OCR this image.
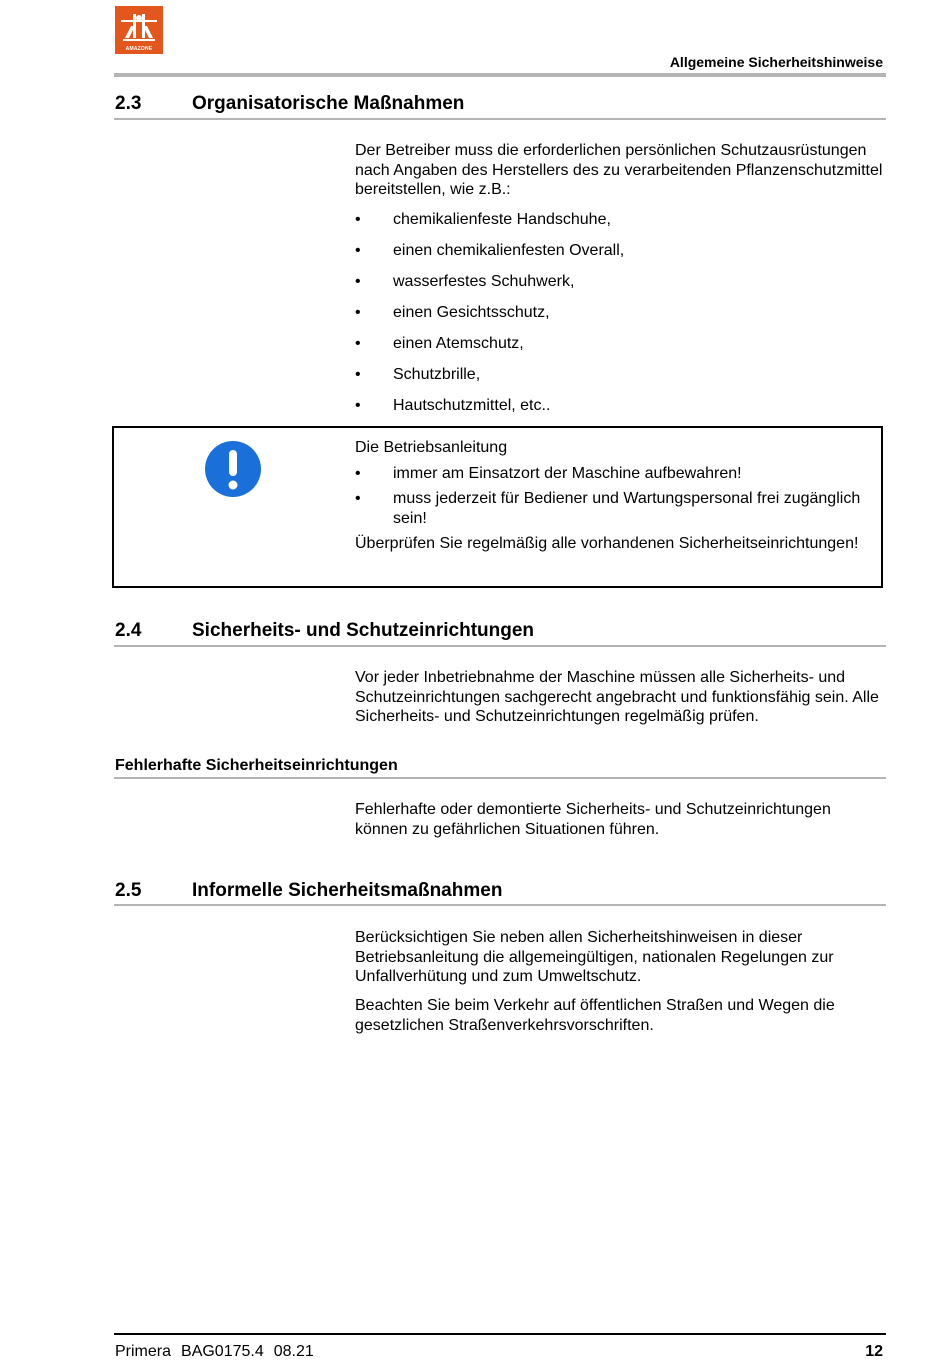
AMAZONE
Allgemeine Sicherheitshinweise
2.3	Organisatorische Maßnahmen
Der Betreiber muss die erforderlichen persönlichen Schutzausrüstungen nach Angaben des Herstellers des zu verarbeitenden Pflanzenschutzmittel bereitstellen, wie z.B.:
• chemikalienfeste Handschuhe,
• einen chemikalienfesten Overall,
• wasserfestes Schuhwerk,
• einen Gesichtsschutz,
• einen Atemschutz,
• Schutzbrille,
• Hautschutzmittel, etc..
Die Betriebsanleitung
• immer am Einsatzort der Maschine aufbewahren!
• muss jederzeit für Bediener und Wartungspersonal frei zugänglich sein!
Überprüfen Sie regelmäßig alle vorhandenen Sicherheitseinrichtungen!
2.4	Sicherheits- und Schutzeinrichtungen
Vor jeder Inbetriebnahme der Maschine müssen alle Sicherheits- und Schutzeinrichtungen sachgerecht angebracht und funktionsfähig sein. Alle Sicherheits- und Schutzeinrichtungen regelmäßig prüfen.
Fehlerhafte Sicherheitseinrichtungen
Fehlerhafte oder demontierte Sicherheits- und Schutzeinrichtungen können zu gefährlichen Situationen führen.
2.5	Informelle Sicherheitsmaßnahmen
Berücksichtigen Sie neben allen Sicherheitshinweisen in dieser Betriebsanleitung die allgemeingültigen, nationalen Regelungen zur Unfallverhütung und zum Umweltschutz.
Beachten Sie beim Verkehr auf öffentlichen Straßen und Wegen die gesetzlichen Straßenverkehrsvorschriften.
Primera BAG0175.4 08.21	12
